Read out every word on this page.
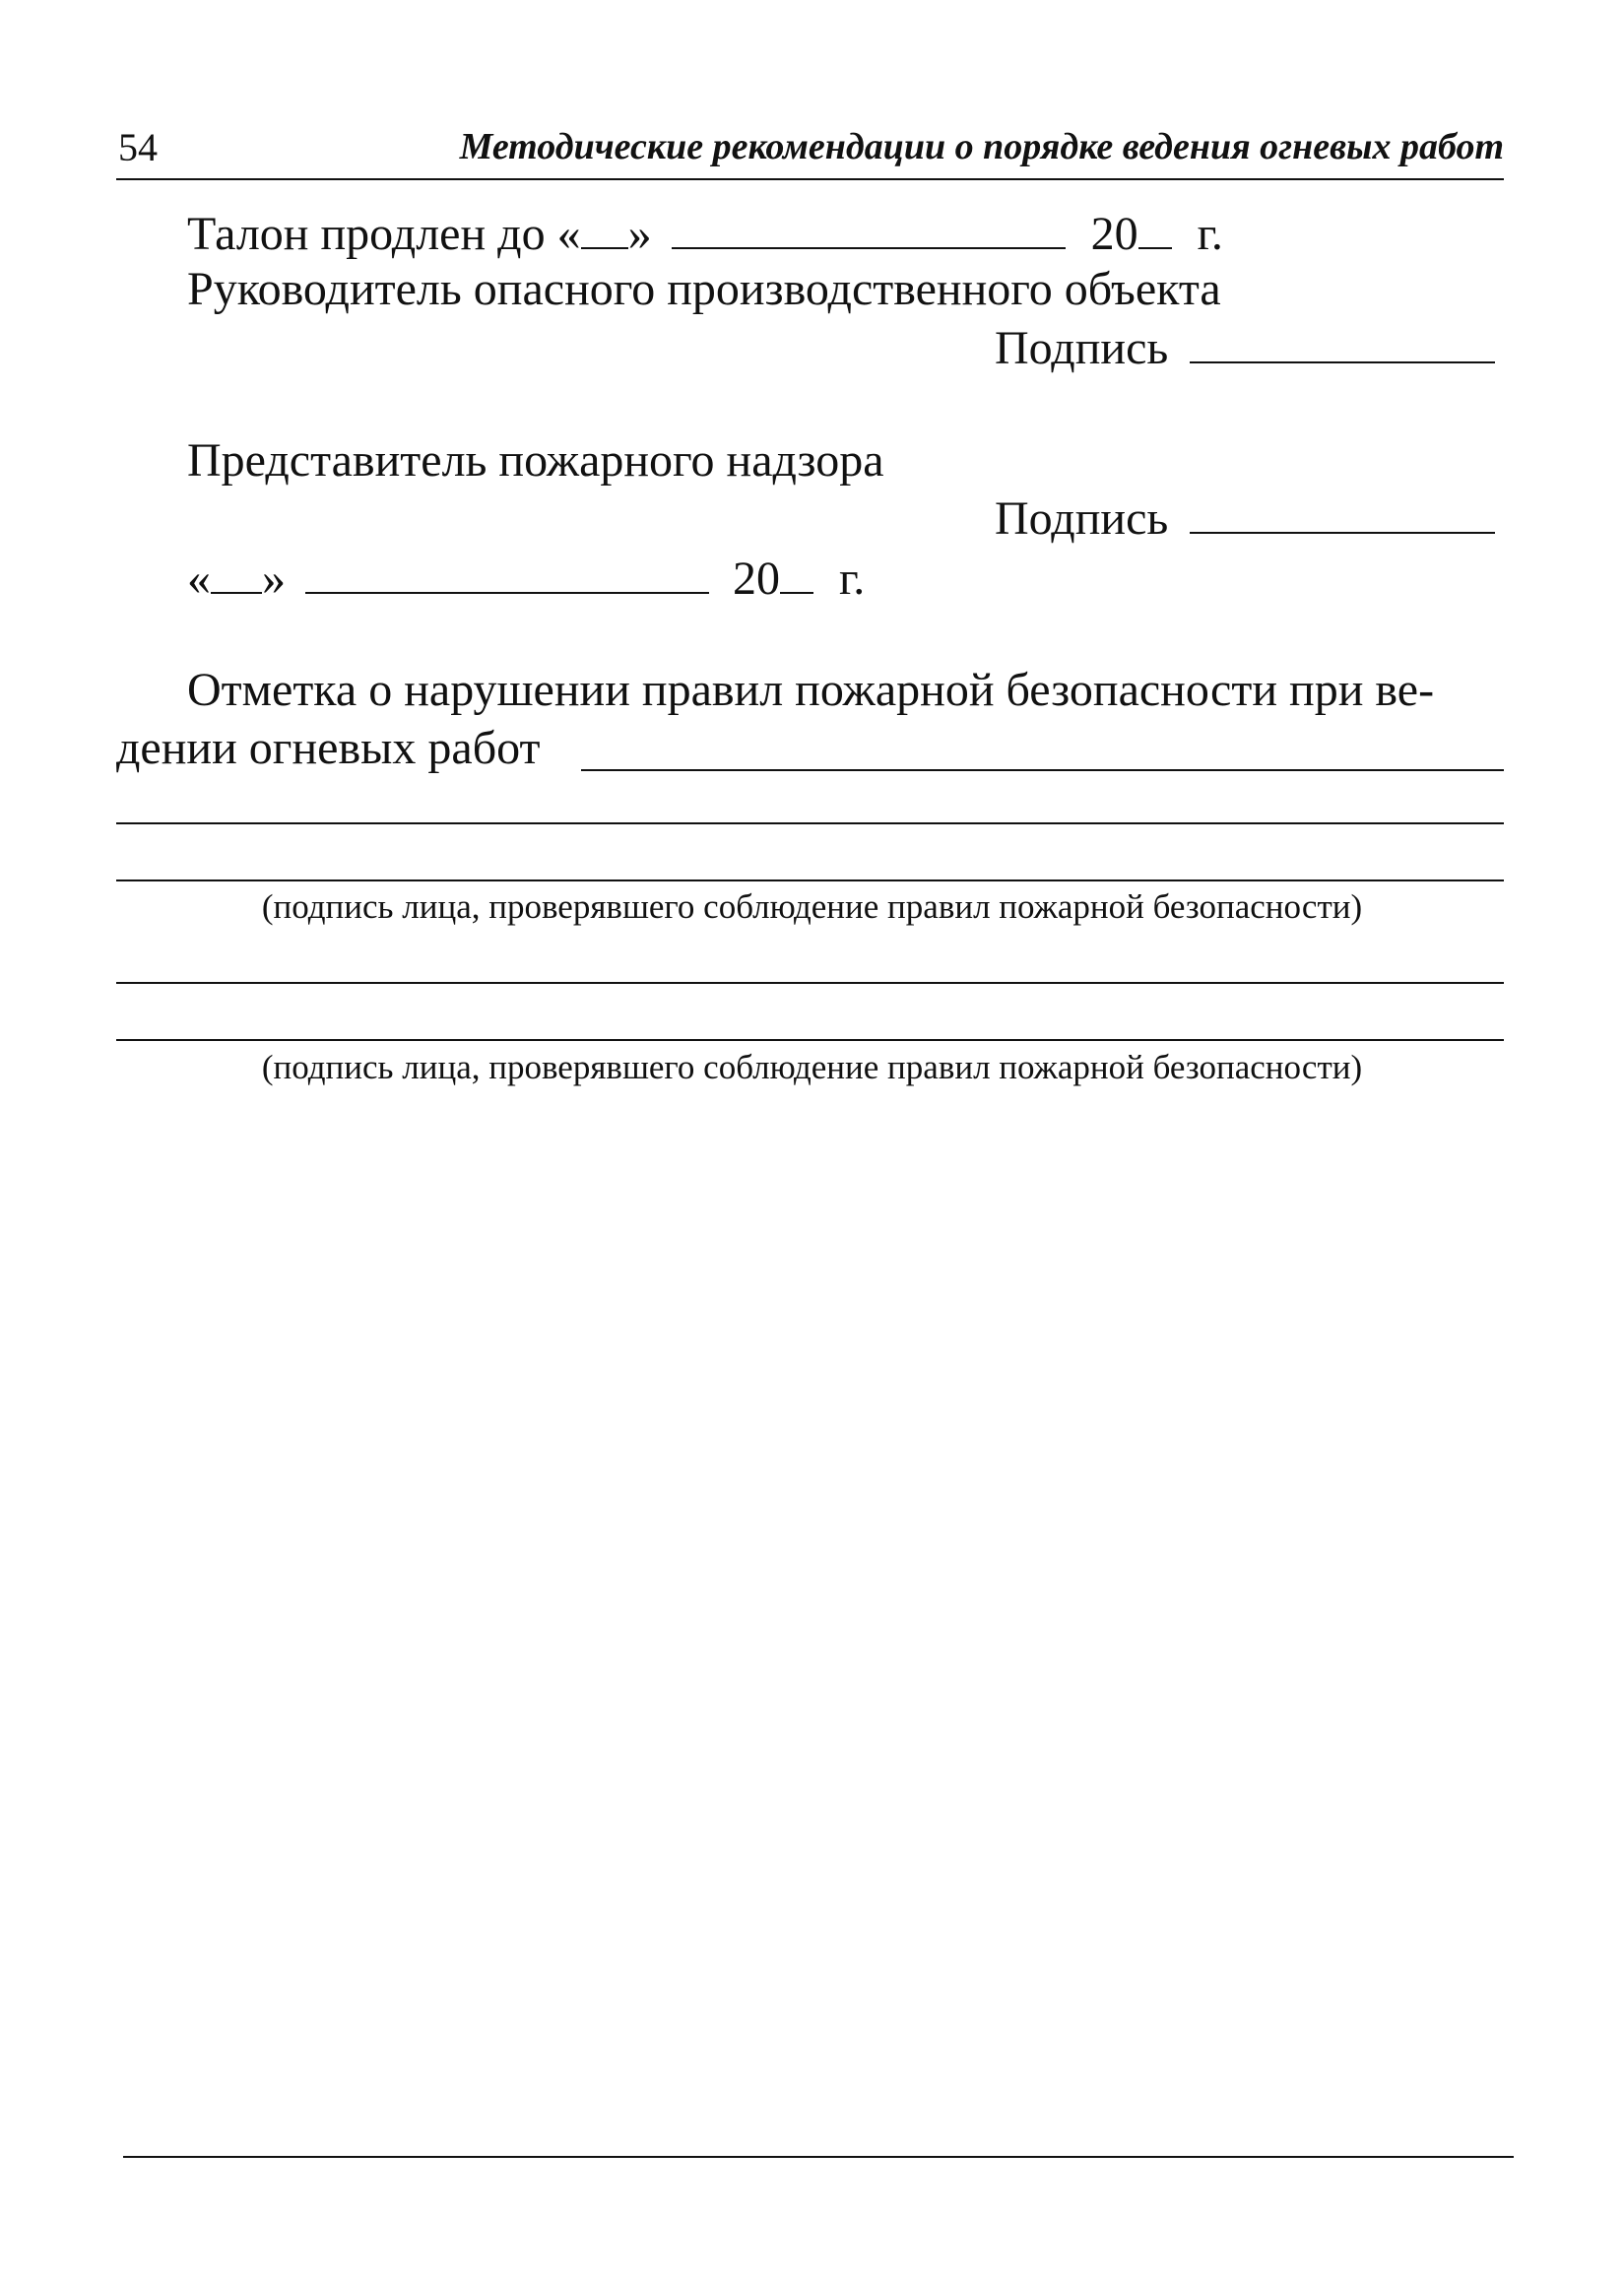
54	Методические рекомендации о порядке ведения огневых работ
Талон продлен до « »	20 г.
Руководитель опасного производственного объекта
Подпись
Представитель пожарного надзора
Подпись
« »	20 г.
Отметка о нарушении правил пожарной безопасности при ве-
дении огневых работ
(подпись лица, проверявшего соблюдение правил пожарной безопасности)
(подпись лица, проверявшего соблюдение правил пожарной безопасности)
